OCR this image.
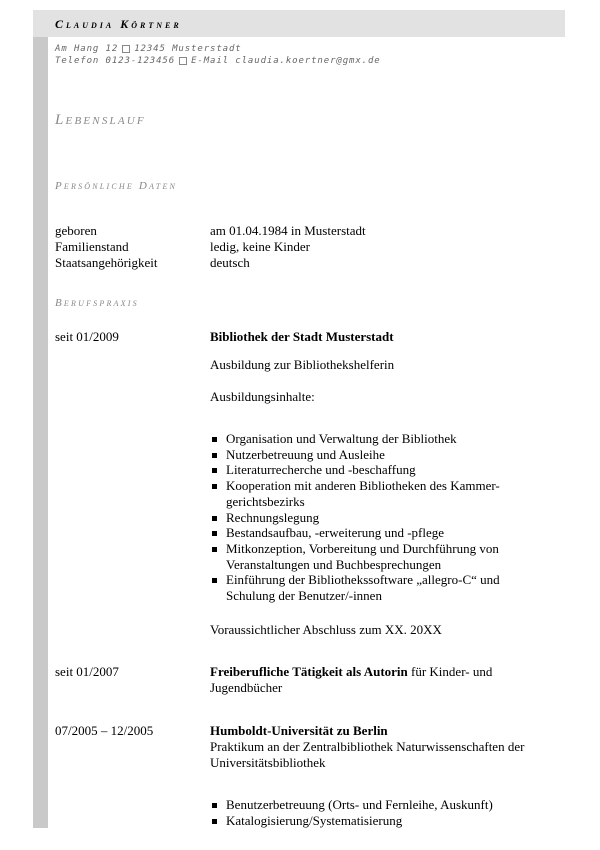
Claudia Körtner
Am Hang 12 12345 Musterstadt
Telefon 0123-123456 E-Mail claudia.koertner@gmx.de
Lebenslauf
Persönliche Daten
geboren	am 01.04.1984 in Musterstadt
Familienstand	ledig, keine Kinder
Staatsangehörigkeit	deutsch
Berufspraxis
seit 01/2009	Bibliothek der Stadt Musterstadt
Ausbildung zur Bibliothekshelferin
Ausbildungsinhalte:
Organisation und Verwaltung der Bibliothek
Nutzerbetreuung und Ausleihe
Literaturrecherche und -beschaffung
Kooperation mit anderen Bibliotheken des Kammer-gerichtsbezirks
Rechnungslegung
Bestandsaufbau, -erweiterung und -pflege
Mitkonzeption, Vorbereitung und Durchführung von Veranstaltungen und Buchbesprechungen
Einführung der Bibliothekssoftware „allegro-C“ und Schulung der Benutzer/-innen
Voraussichtlicher Abschluss zum XX. 20XX
seit 01/2007	Freiberufliche Tätigkeit als Autorin für Kinder- und Jugendbücher
07/2005 – 12/2005	Humboldt-Universität zu Berlin
Praktikum an der Zentralbibliothek Naturwissenschaften der Universitätsbibliothek
Benutzerbetreuung (Orts- und Fernleihe, Auskunft)
Katalogisierung/Systematisierung
